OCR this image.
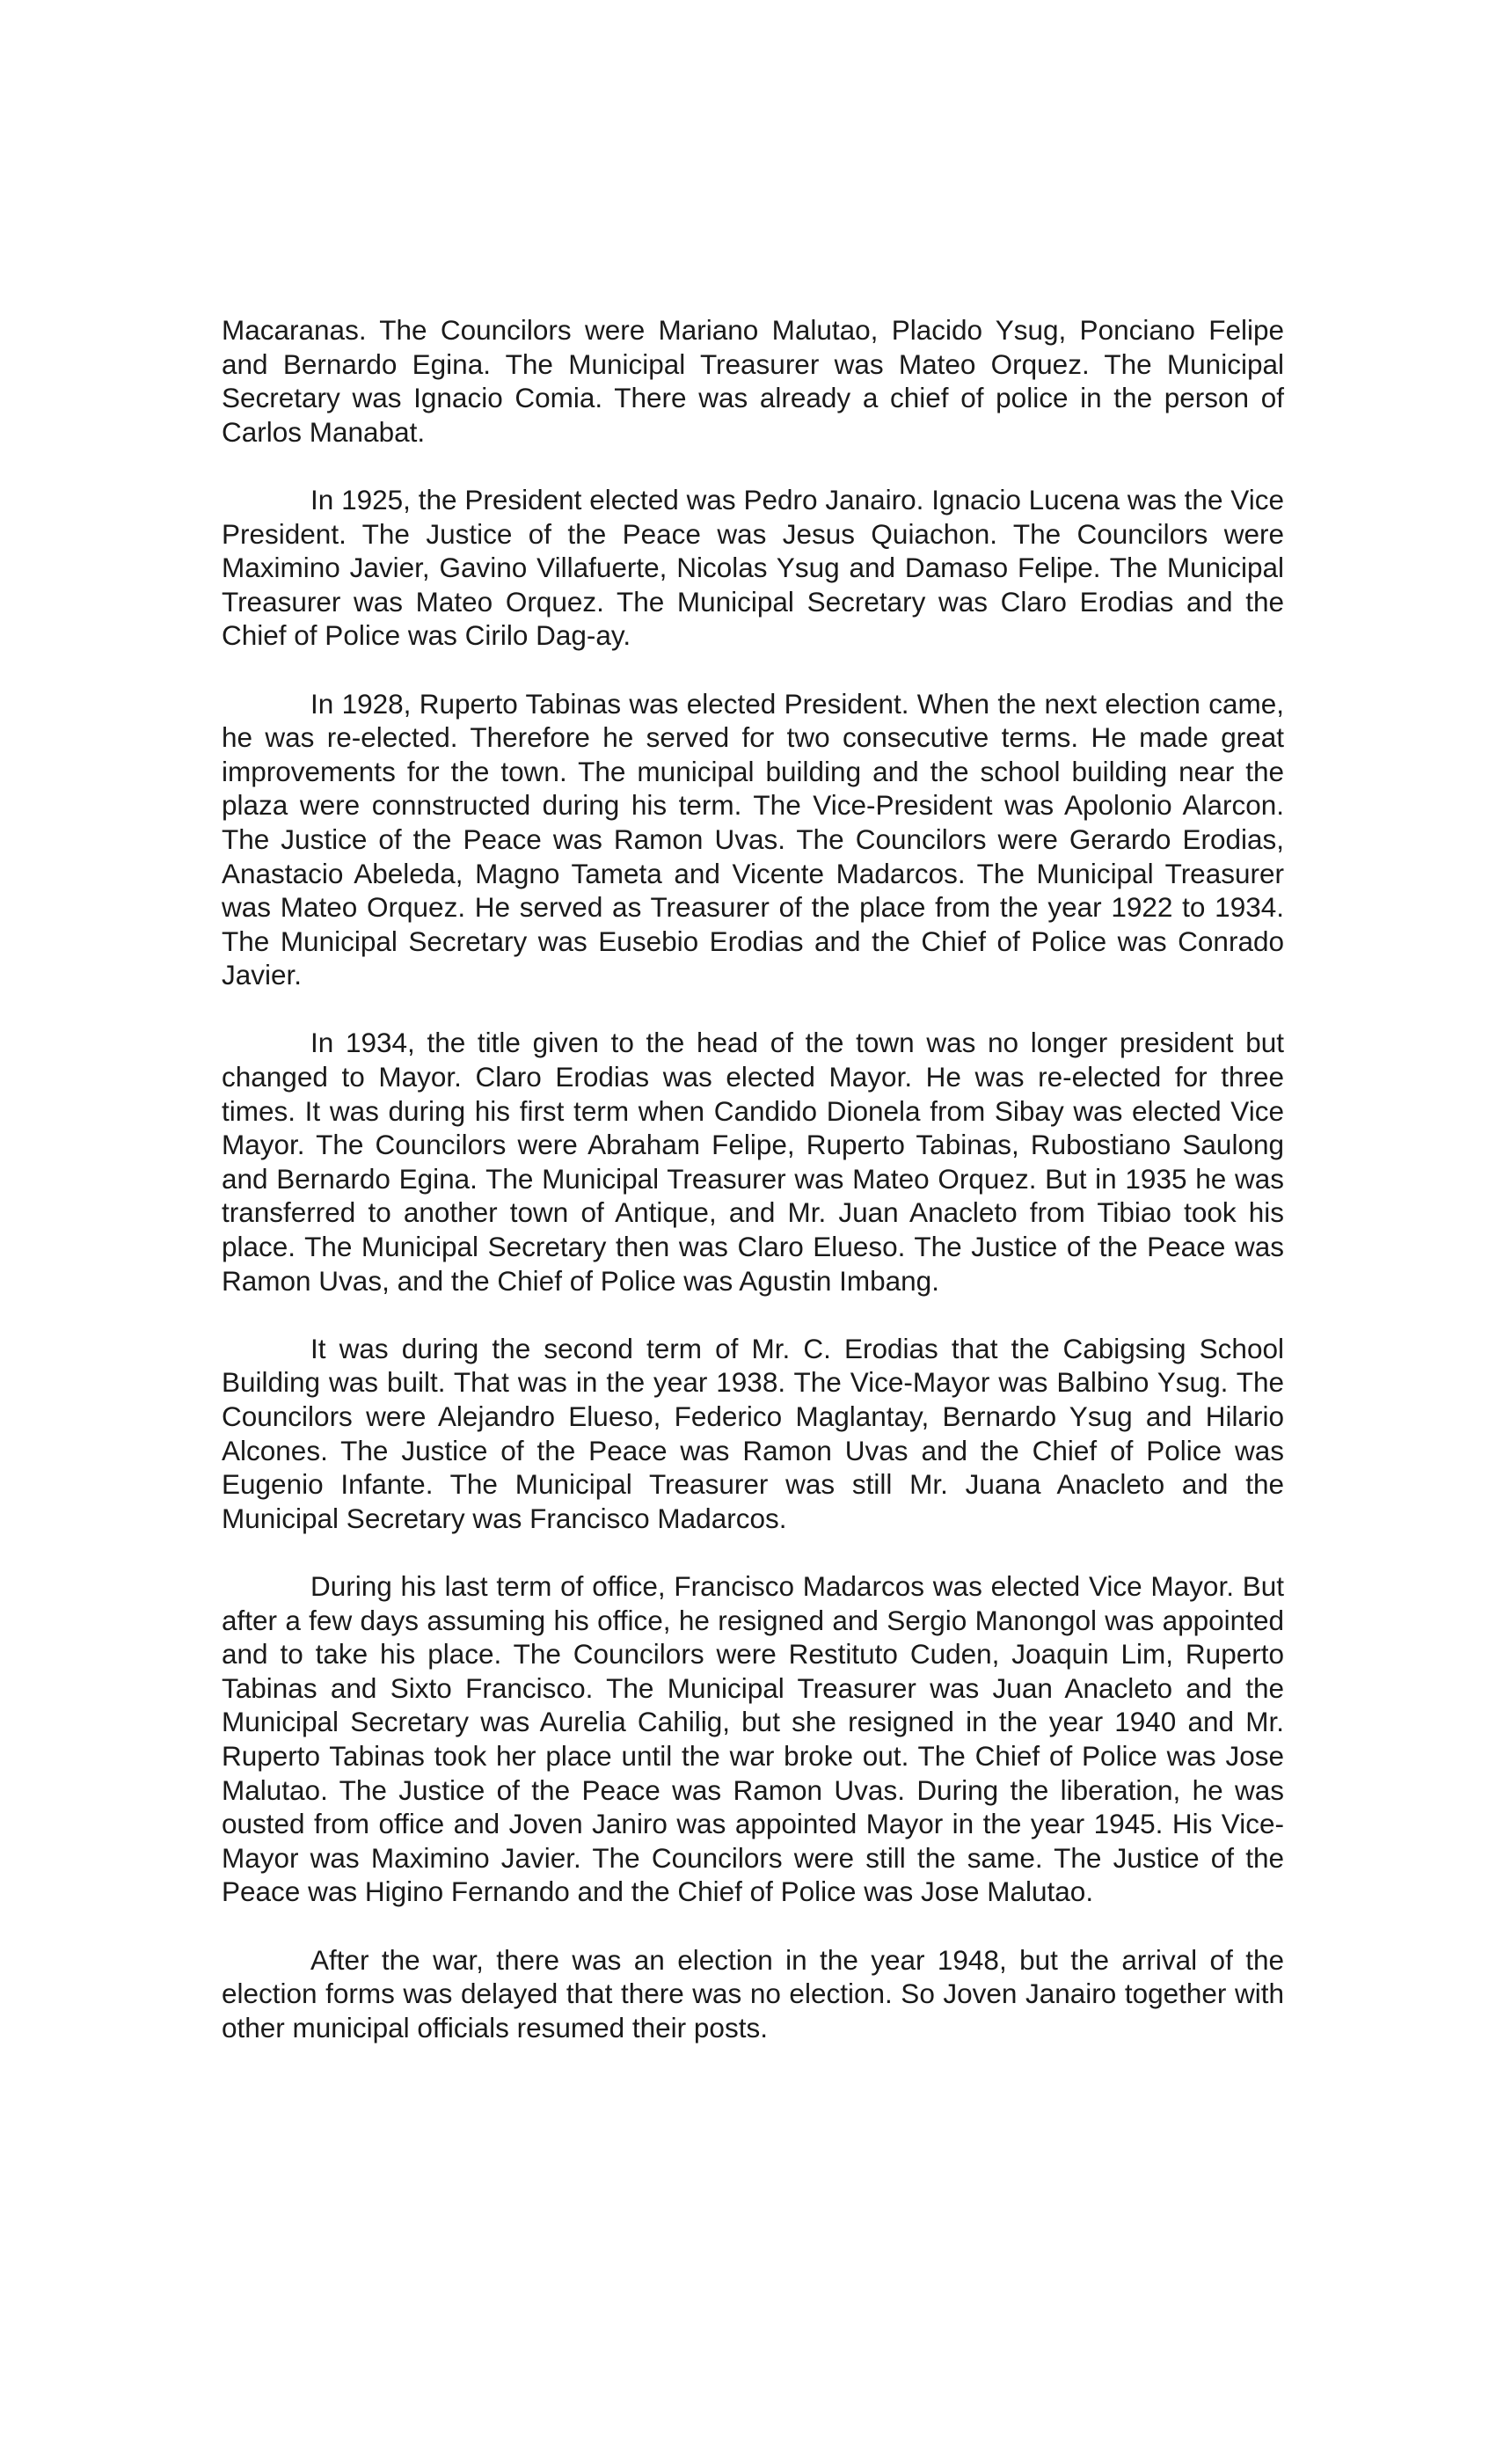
Macaranas. The Councilors were Mariano Malutao, Placido Ysug, Ponciano Felipe and Bernardo Egina. The Municipal Treasurer was Mateo Orquez. The Municipal Secretary was Ignacio Comia. There was already a chief of police in the person of Carlos Manabat.

In 1925, the President elected was Pedro Janairo. Ignacio Lucena was the Vice President. The Justice of the Peace was Jesus Quiachon. The Councilors were Maximino Javier, Gavino Villafuerte, Nicolas Ysug and Damaso Felipe. The Municipal Treasurer was Mateo Orquez. The Municipal Secretary was Claro Erodias and the Chief of Police was Cirilo Dag-ay.

In 1928, Ruperto Tabinas was elected President. When the next election came, he was re-elected. Therefore he served for two consecutive terms. He made great improvements for the town. The municipal building and the school building near the plaza were connstructed during his term. The Vice-President was Apolonio Alarcon. The Justice of the Peace was Ramon Uvas. The Councilors were Gerardo Erodias, Anastacio Abeleda, Magno Tameta and Vicente Madarcos. The Municipal Treasurer was Mateo Orquez. He served as Treasurer of the place from the year 1922 to 1934. The Municipal Secretary was Eusebio Erodias and the Chief of Police was Conrado Javier.

In 1934, the title given to the head of the town was no longer president but changed to Mayor. Claro Erodias was elected Mayor. He was re-elected for three times. It was during his first term when Candido Dionela from Sibay was elected Vice Mayor. The Councilors were Abraham Felipe, Ruperto Tabinas, Rubostiano Saulong and Bernardo Egina. The Municipal Treasurer was Mateo Orquez. But in 1935 he was transferred to another town of Antique, and Mr. Juan Anacleto from Tibiao took his place. The Municipal Secretary then was Claro Elueso. The Justice of the Peace was Ramon Uvas, and the Chief of Police was Agustin Imbang.

It was during the second term of Mr. C. Erodias that the Cabigsing School Building was built. That was in the year 1938. The Vice-Mayor was Balbino Ysug. The Councilors were Alejandro Elueso, Federico Maglantay, Bernardo Ysug and Hilario Alcones. The Justice of the Peace was Ramon Uvas and the Chief of Police was Eugenio Infante. The Municipal Treasurer was still Mr. Juana Anacleto and the Municipal Secretary was Francisco Madarcos.

During his last term of office, Francisco Madarcos was elected Vice Mayor. But after a few days assuming his office, he resigned and Sergio Manongol was appointed and to take his place. The Councilors were Restituto Cuden, Joaquin Lim, Ruperto Tabinas and Sixto Francisco. The Municipal Treasurer was Juan Anacleto and the Municipal Secretary was Aurelia Cahilig, but she resigned in the year 1940 and Mr. Ruperto Tabinas took her place until the war broke out. The Chief of Police was Jose Malutao. The Justice of the Peace was Ramon Uvas. During the liberation, he was ousted from office and Joven Janiro was appointed Mayor in the year 1945. His Vice-Mayor was Maximino Javier. The Councilors were still the same. The Justice of the Peace was Higino Fernando and the Chief of Police was Jose Malutao.

After the war, there was an election in the year 1948, but the arrival of the election forms was delayed that there was no election. So Joven Janairo together with other municipal officials resumed their posts.
